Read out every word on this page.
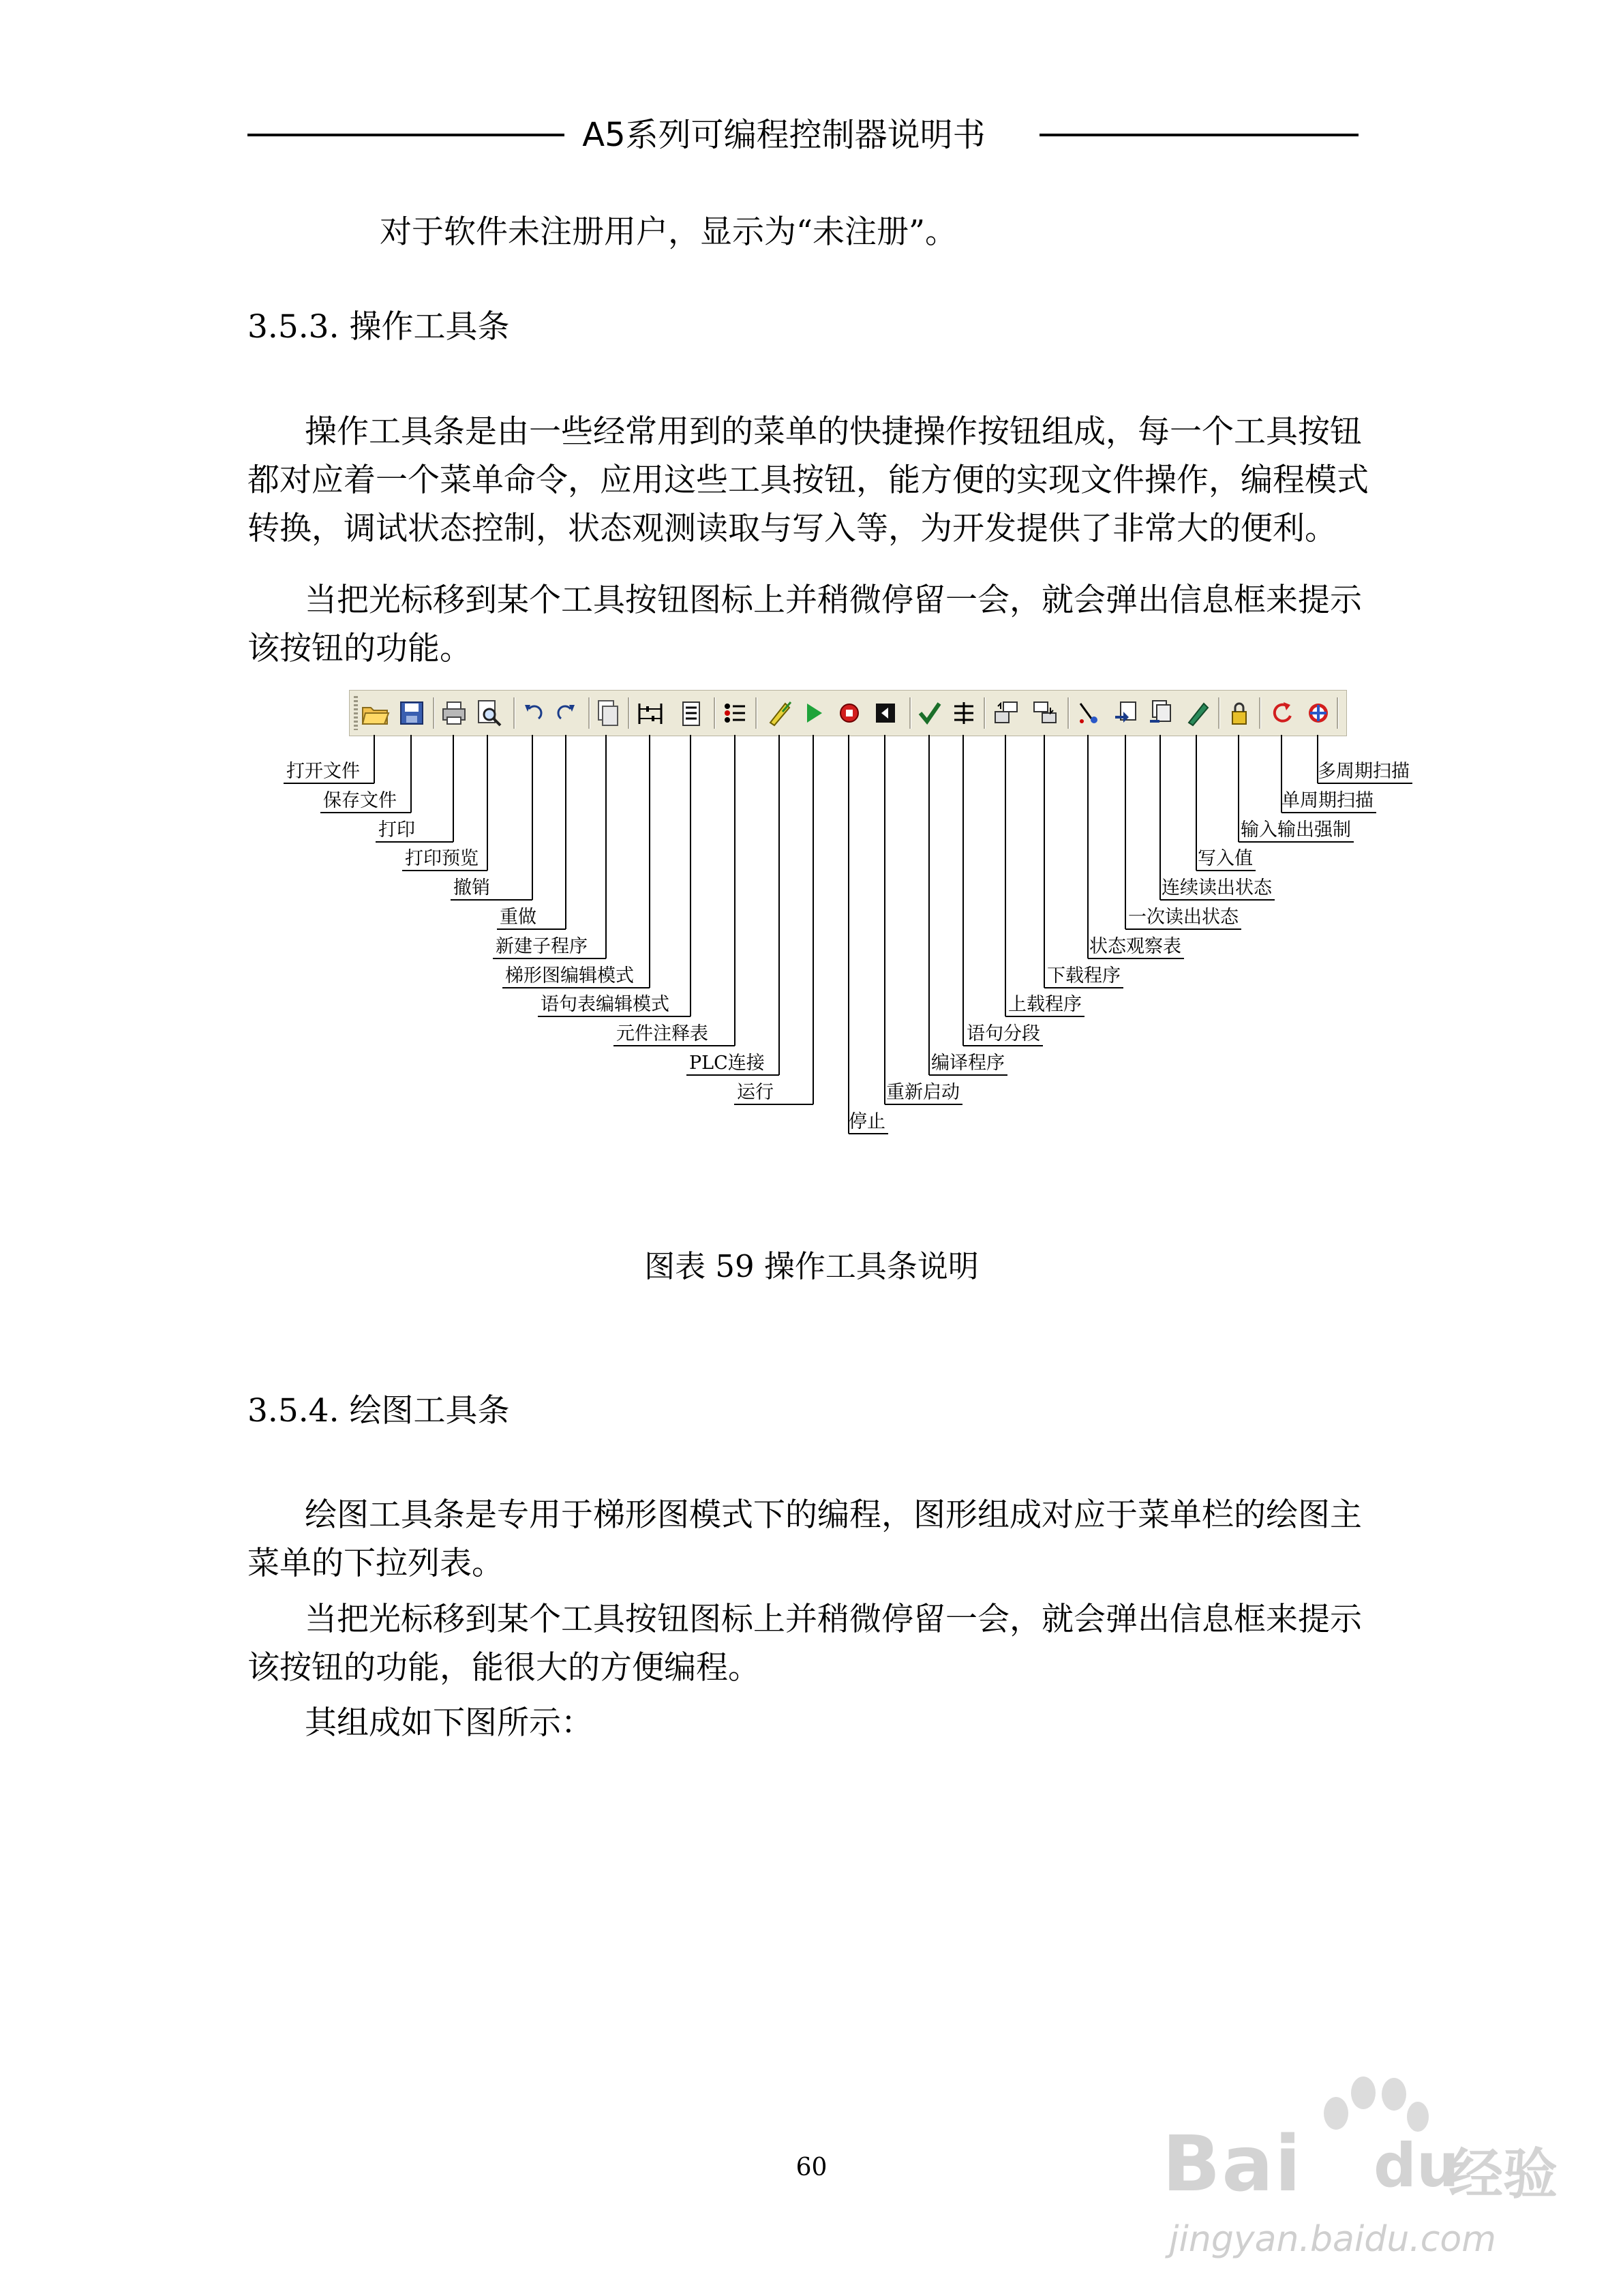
A5系列可编程控制器说明书
对于软件未注册用户，显示为“未注册”。
3.5.3. 操作工具条
操作工具条是由一些经常用到的菜单的快捷操作按钮组成，每一个工具按钮
都对应着一个菜单命令，应用这些工具按钮，能方便的实现文件操作，编程模式
转换，调试状态控制，状态观测读取与写入等，为开发提供了非常大的便利。
当把光标移到某个工具按钮图标上并稍微停留一会，就会弹出信息框来提示
该按钮的功能。
打开文件
保存文件
打印
打印预览
撤销
重做
新建子程序
梯形图编辑模式
语句表编辑模式
元件注释表
PLC连接
运行
停止
重新启动
编译程序
语句分段
上载程序
下载程序
状态观察表
一次读出状态
连续读出状态
写入值
输入输出强制
单周期扫描
多周期扫描
图表 59 操作工具条说明
3.5.4. 绘图工具条
绘图工具条是专用于梯形图模式下的编程，图形组成对应于菜单栏的绘图主
菜单的下拉列表。
当把光标移到某个工具按钮图标上并稍微停留一会，就会弹出信息框来提示
该按钮的功能，能很大的方便编程。
其组成如下图所示：
60	Bai du
经验
jingyan.baidu.com
